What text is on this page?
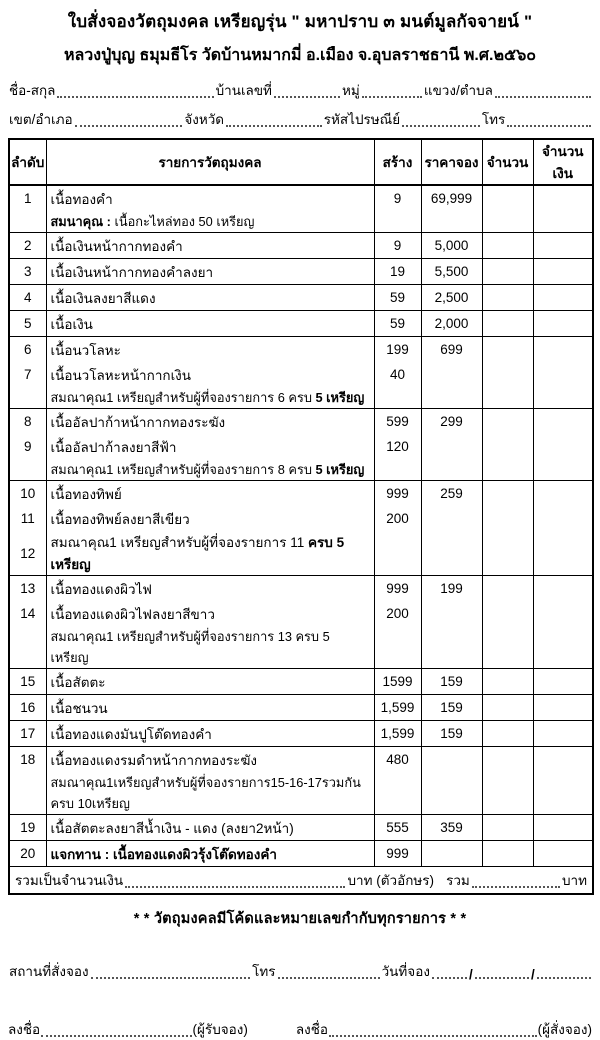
ใบสั่งจองวัตถุมงคล เหรียญรุ่น " มหาปราบ ๓ มนต์มูลกัจจายน์ "
หลวงปู่บุญ ธมุมธีโร วัดบ้านหมากมี่ อ.เมือง จ.อุบลราชธานี พ.ศ.๒๕๖๐
ชื่อ-สกุล	บ้านเลขที่	หมู่	แขวง/ตำบล
เขต/อำเภอ	จังหวัด	รหัสไปรษณีย์	โทร
ลำดับ	รายการวัตถุมงคล	สร้าง	ราคาจอง	จำนวน	จำนวนเงิน
1	เนื้อทองคำ	9	69,999		
	สมนาคุณ : เนื้อกะไหล่ทอง 50 เหรียญ				
2	เนื้อเงินหน้ากากทองคำ	9	5,000		
3	เนื้อเงินหน้ากากทองคำลงยา	19	5,500		
4	เนื้อเงินลงยาสีแดง	59	2,500		
5	เนื้อเงิน	59	2,000		
6	เนื้อนวโลหะ	199	699		
7	เนื้อนวโลหะหน้ากากเงิน	40			
	สมณาคุณ1 เหรียญสำหรับผู้ที่จองรายการ 6 ครบ 5 เหรียญ				
8	เนื้ออัลปาก้าหน้ากากทองระฆัง	599	299		
9	เนื้ออัลปาก้าลงยาสีฟ้า	120			
	สมณาคุณ1 เหรียญสำหรับผู้ที่จองรายการ 8 ครบ 5 เหรียญ				
10	เนื้อทองทิพย์	999	259		
11	เนื้อทองทิพย์ลงยาสีเขียว	200			
12	สมณาคุณ1 เหรียญสำหรับผู้ที่จองรายการ 11 ครบ 5 เหรียญ				
13	เนื้อทองแดงผิวไฟ	999	199		
14	เนื้อทองแดงผิวไฟลงยาสีขาว	200			
	สมณาคุณ1 เหรียญสำหรับผู้ที่จองรายการ 13 ครบ 5 เหรียญ				
15	เนื้อสัตตะ	1599	159		
16	เนื้อชนวน	1,599	159		
17	เนื้อทองแดงมันปูโต๊ดทองคำ	1,599	159		
18	เนื้อทองแดงรมดำหน้ากากทองระฆัง	480			
	สมณาคุณ1เหรียญสำหรับผู้ที่จองรายการ15-16-17รวมกันครบ 10เหรียญ				
19	เนื้อสัตตะลงยาสีน้ำเงิน - แดง (ลงยา2หน้า)	555	359		
20	แจกทาน : เนื้อทองแดงผิวรุ้งโต๊ดทองคำ	999			

รวมเป็นจำนวนเงิน บาท (ตัวอักษร) รวม บาท					
* * วัตถุมงคลมีโค้ดและหมายเลขกำกับทุกรายการ * *
สถานที่สั่งจอง	โทร	วันที่จอง	/	/
ลงชื่อ	(ผู้รับจอง)	ลงชื่อ	(ผู้สั่งจอง)
